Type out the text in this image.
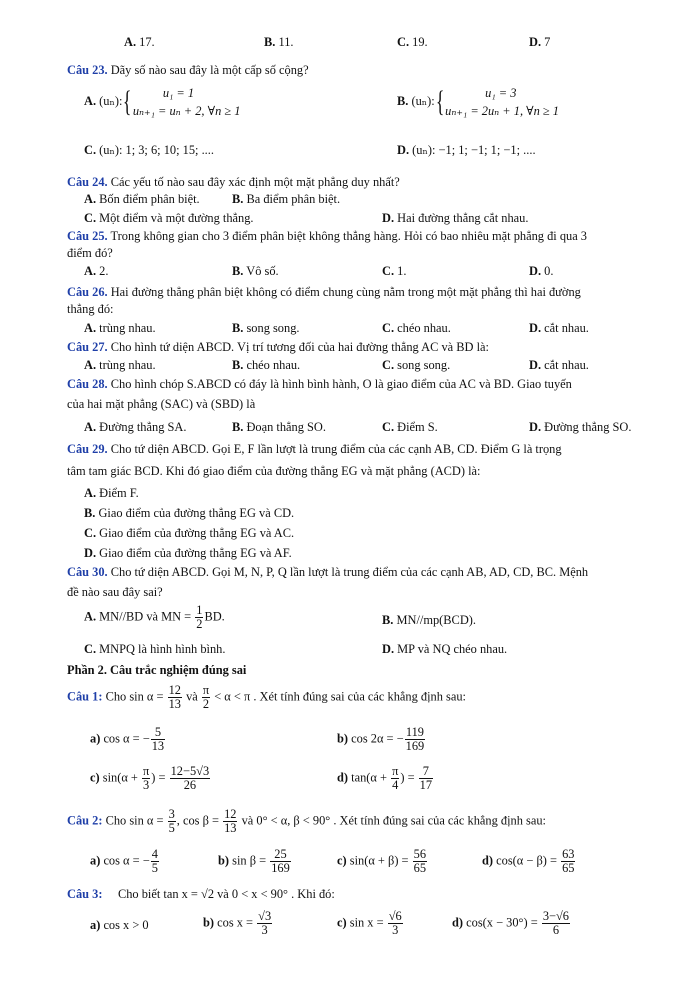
A. 17.	B. 11.	C. 19.	D. 7
Câu 23. Dãy số nào sau đây là một cấp số cộng?
A. (uₙ):{	u₁ = 1
uₙ₊₁ = uₙ + 2, ∀n ≥ 1
B. (uₙ):{	u₁ = 3
uₙ₊₁ = 2uₙ + 1, ∀n ≥ 1
C. (uₙ): 1; 3; 6; 10; 15; ....	D. (uₙ): −1; 1; −1; 1; −1; ....
Câu 24. Các yếu tố nào sau đây xác định một mặt phẳng duy nhất?
A. Bốn điểm phân biệt.	B. Ba điểm phân biệt.
C. Một điểm và một đường thẳng.	D. Hai đường thẳng cắt nhau.
Câu 25. Trong không gian cho 3 điểm phân biệt không thẳng hàng. Hỏi có bao nhiêu mặt phẳng đi qua 3
điểm đó?
A. 2.	B. Vô số.	C. 1.	D. 0.
Câu 26. Hai đường thẳng phân biệt không có điểm chung cùng nằm trong một mặt phẳng thì hai đường
thẳng đó:
A. trùng nhau.	B. song song.	C. chéo nhau.	D. cắt nhau.
Câu 27. Cho hình tứ diện ABCD. Vị trí tương đối của hai đường thẳng AC và BD là:
A. trùng nhau.	B. chéo nhau.	C. song song.	D. cắt nhau.
Câu 28. Cho hình chóp S.ABCD có đáy là hình bình hành, O là giao điểm của AC và BD. Giao tuyến
của hai mặt phẳng (SAC) và (SBD) là
A. Đường thẳng SA.	B. Đoạn thẳng SO.	C. Điểm S.	D. Đường thẳng SO.
Câu 29. Cho tứ diện ABCD. Gọi E, F lần lượt là trung điểm của các cạnh AB, CD. Điểm G là trọng
tâm tam giác BCD. Khi đó giao điểm của đường thẳng EG và mặt phẳng (ACD) là:
A. Điểm F.
B. Giao điểm của đường thẳng EG và CD.
C. Giao điểm của đường thẳng EG và AC.
D. Giao điểm của đường thẳng EG và AF.
Câu 30. Cho tứ diện ABCD. Gọi M, N, P, Q lần lượt là trung điểm của các cạnh AB, AD, CD, BC. Mệnh
đề nào sau đây sai?
A. MN//BD và MN = $\frac{1}{2}$ BD.	B. MN//mp(BCD).
C. MNPQ là hình hình bình.	D. MP và NQ chéo nhau.
Phần 2. Câu trắc nghiệm đúng sai
Câu 1: Cho $\sin \alpha = \frac{12}{13}$ và $\frac{\pi}{2} < \alpha < \pi$ . Xét tính đúng sai của các khẳng định sau:
a) cos α = − $\frac{5}{13}$	b) cos 2α = − $\frac{119}{169}$
c) $\sin(\alpha + \frac{\pi}{3}$ ) = $\frac{12-5√3}{26}$	d) $\tan(\alpha + \frac{\pi}{4}$ ) = $\frac{7}{17}$
Câu 2: Cho $\sin \alpha = \frac{3}{5}$ , $\cos \beta = \frac{12}{13}$ và 0° < α, β < 90° . Xét tính đúng sai của các khẳng định sau:
a) cos α = − $\frac{4}{5}$	b) $\sin \beta = \frac{25}{169}$	c) $\sin(\alpha + \beta) = \frac{56}{65}$	d) $\cos(\alpha - \beta) = \frac{63}{65}$
Câu 3: Cho biết tan x = √2 và 0 < x < 90° . Khi đó:
a) cos x > 0	b) $\cos x = \frac{√3}{3}$	c) $\sin x = \frac{√6}{3}$	d) $\cos(x - 30^\circ) = \frac{3-√6}{6}$
